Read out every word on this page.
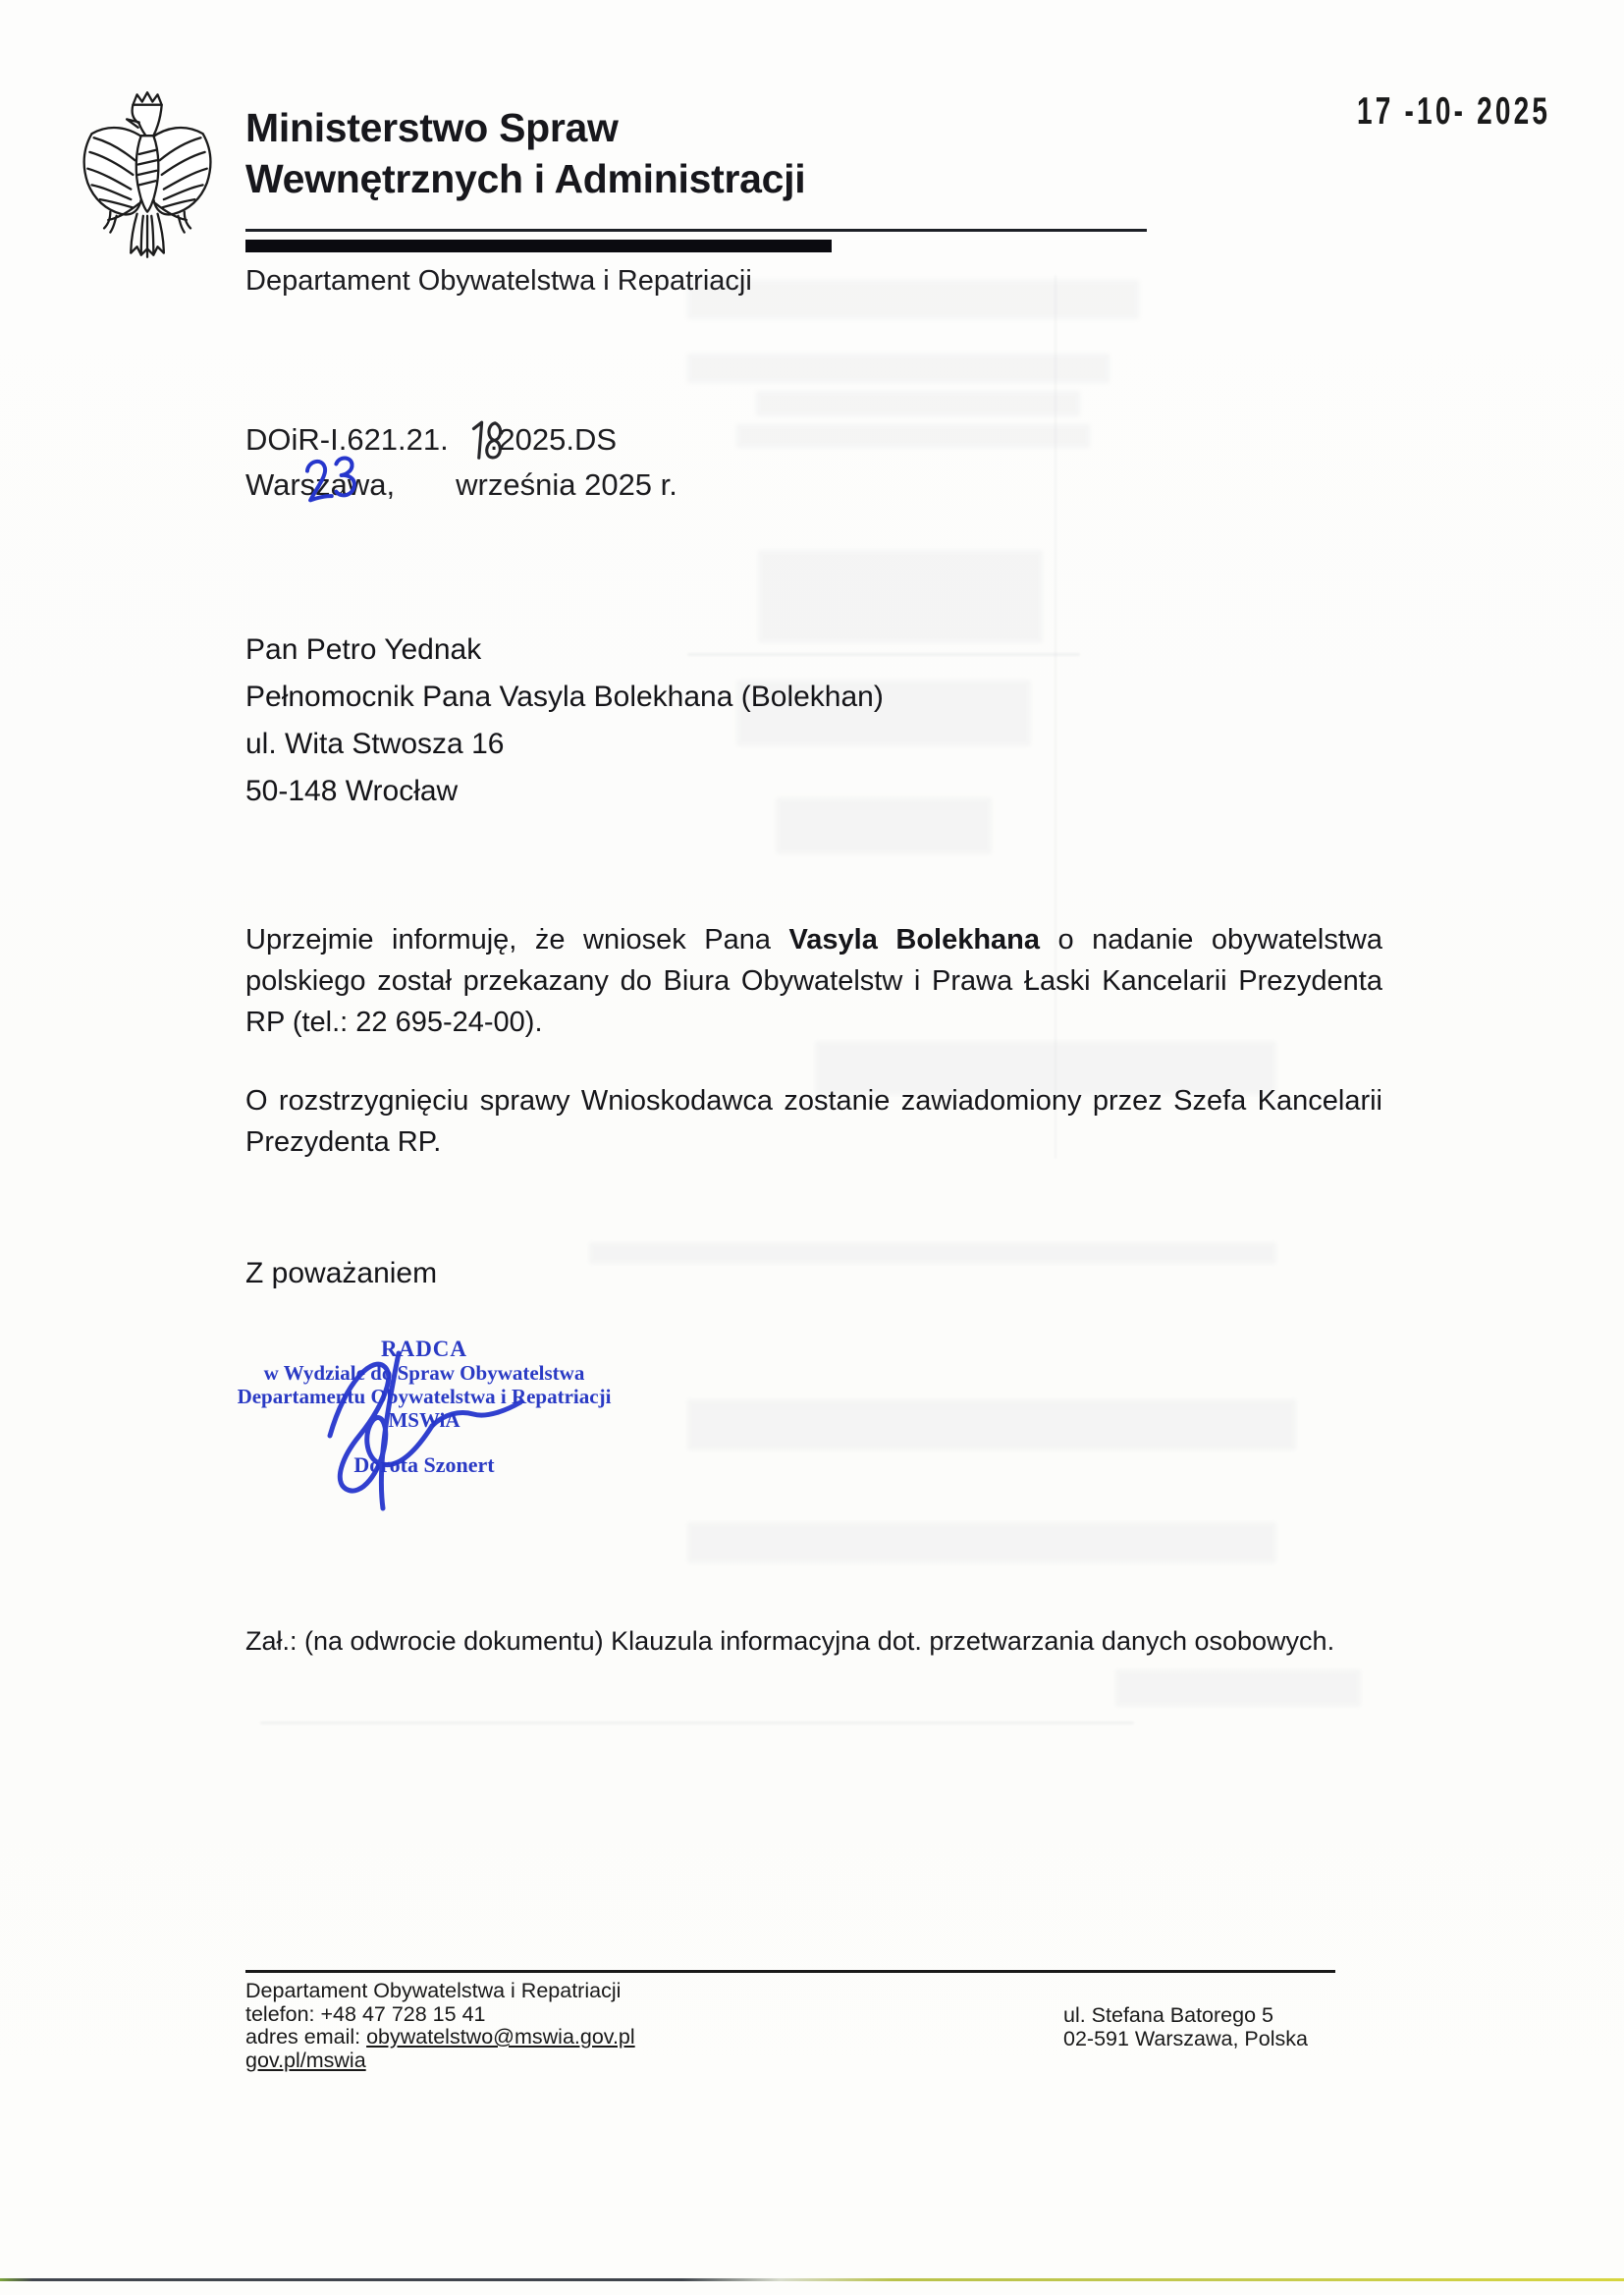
Ministerstwo Spraw
Wewnętrznych i Administracji
Departament Obywatelstwa i Repatriacji
17 -10- 2025
DOiR-I.621.21. .2025.DS
Warszawa, września 2025 r.
Pan Petro Yednak
Pełnomocnik Pana Vasyla Bolekhana (Bolekhan)
ul. Wita Stwosza 16
50-148 Wrocław
Uprzejmie informuję, że wniosek Pana Vasyla Bolekhana o nadanie obywatelstwa polskiego został przekazany do Biura Obywatelstw i Prawa Łaski Kancelarii Prezydenta RP (tel.: 22 695-24-00).
O rozstrzygnięciu sprawy Wnioskodawca zostanie zawiadomiony przez Szefa Kancelarii Prezydenta RP.
Z poważaniem
RADCA
w Wydziale do Spraw Obywatelstwa
Departamentu Obywatelstwa i Repatriacji MSWiA
Dorota Szonert
Zał.: (na odwrocie dokumentu) Klauzula informacyjna dot. przetwarzania danych osobowych.
Departament Obywatelstwa i Repatriacji
telefon: +48 47 728 15 41
adres email: obywatelstwo@mswia.gov.pl
gov.pl/mswia
ul. Stefana Batorego 5
02-591 Warszawa, Polska
